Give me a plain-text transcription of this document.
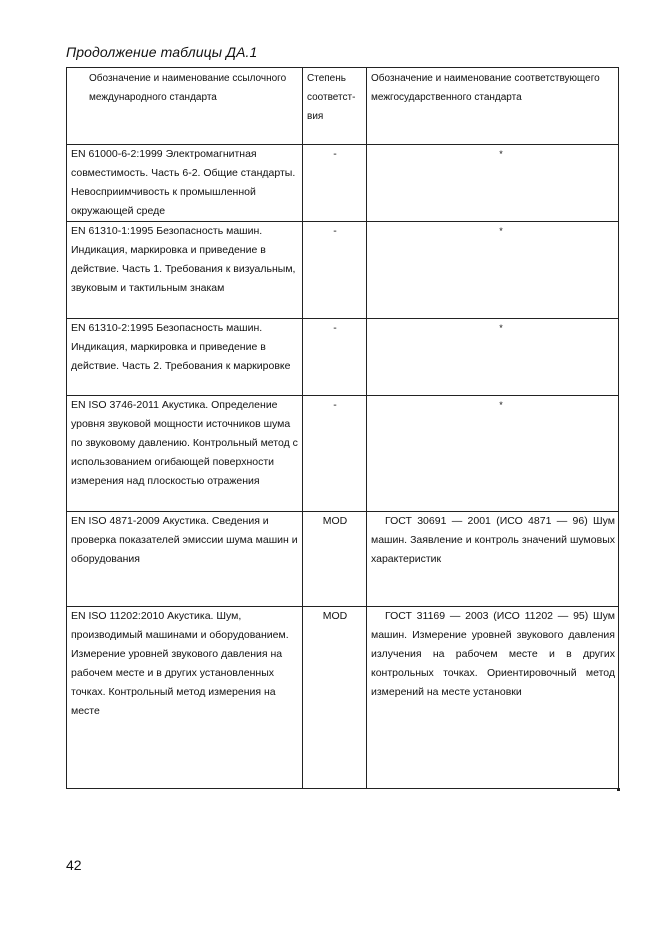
Продолжение таблицы ДА.1
Обозначение и наименование ссылочного международного стандарта	Степень соответст- вия	Обозначение и наименование соответствующего межгосударственного стандарта
EN 61000-6-2:1999 Электромагнитная совместимость. Часть 6-2. Общие стандарты. Невосприимчивость к промышленной окружающей среде	-	*
EN 61310-1:1995 Безопасность машин. Индикация, маркировка и приведение в действие. Часть 1. Требования к визуальным, звуковым и тактильным знакам	-	*
EN 61310-2:1995 Безопасность машин. Индикация, маркировка и приведение в действие. Часть 2. Требования к маркировке	-	*
EN ISO 3746-2011 Акустика. Определение уровня звуковой мощности источников шума по звуковому давлению. Контрольный метод с использованием огибающей поверхности измерения над плоскостью отражения	-	*
EN ISO 4871-2009 Акустика. Сведения и проверка показателей эмиссии шума машин и оборудования	MOD	ГОСТ 30691 — 2001 (ИСО 4871 — 96) Шум машин. Заявление и контроль значений шумовых характеристик
EN ISO 11202:2010 Акустика. Шум, производимый машинами и оборудованием. Измерение уровней звукового давления на рабочем месте и в других установленных точках. Контрольный метод измерения на месте	MOD	ГОСТ 31169 — 2003 (ИСО 11202 — 95) Шум машин. Измерение уровней звукового давления излучения на рабочем месте и в других контрольных точках. Ориентировочный метод измерений на месте установки
42
